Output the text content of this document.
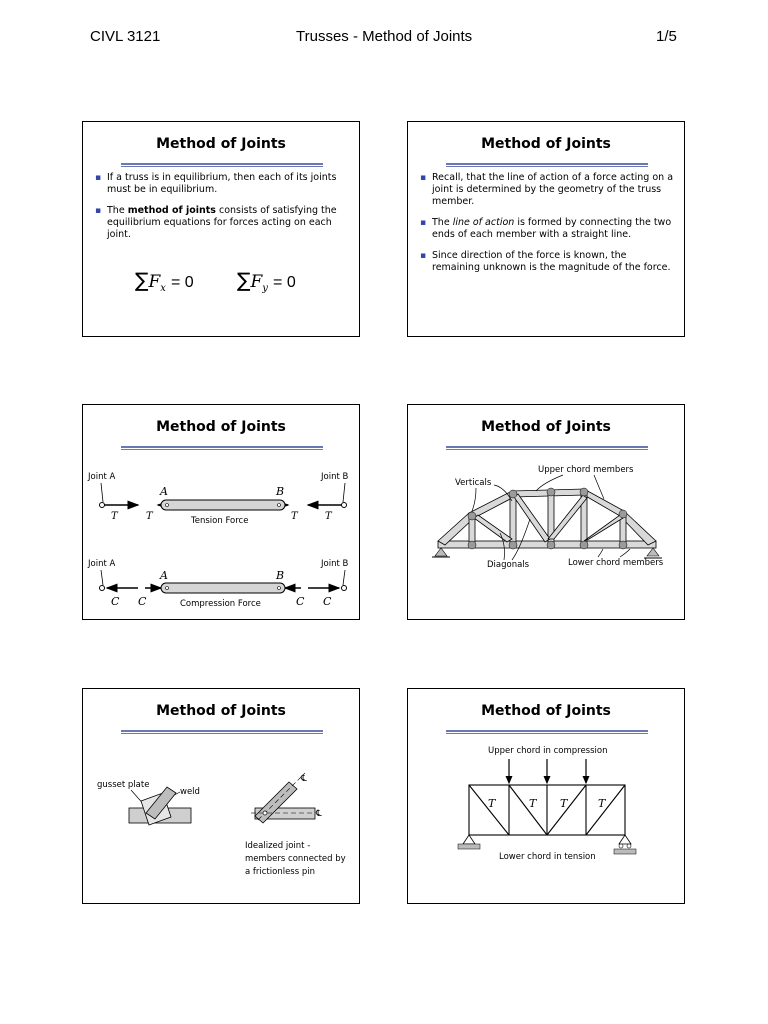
CIVL 3121	Trusses - Method of Joints	1/5
Method of Joints
▪ If a truss is in equilibrium, then each of its joints must be in equilibrium.
▪ The method of joints consists of satisfying the equilibrium equations for forces acting on each joint.
$\sum F_x = 0$ $\sum F_y = 0$
Method of Joints
▪ Recall, that the line of action of a force acting on a joint is determined by the geometry of the truss member.
▪ The line of action is formed by connecting the two ends of each member with a straight line.
▪ Since direction of the force is known, the remaining unknown is the magnitude of the force.
Method of Joints
Joint A	Joint B
A	B
T	T	T	T
Tension Force
Joint A	Joint B
A	B
C C	C C
Compression Force
Method of Joints
Upper chord members
Verticals
Diagonals	Lower chord members
Method of Joints
gusset plate
weld
℄
℄
Idealized joint -
members connected by
a frictionless pin
Method of Joints
Upper chord in compression
T	T T	T
Lower chord in tension
